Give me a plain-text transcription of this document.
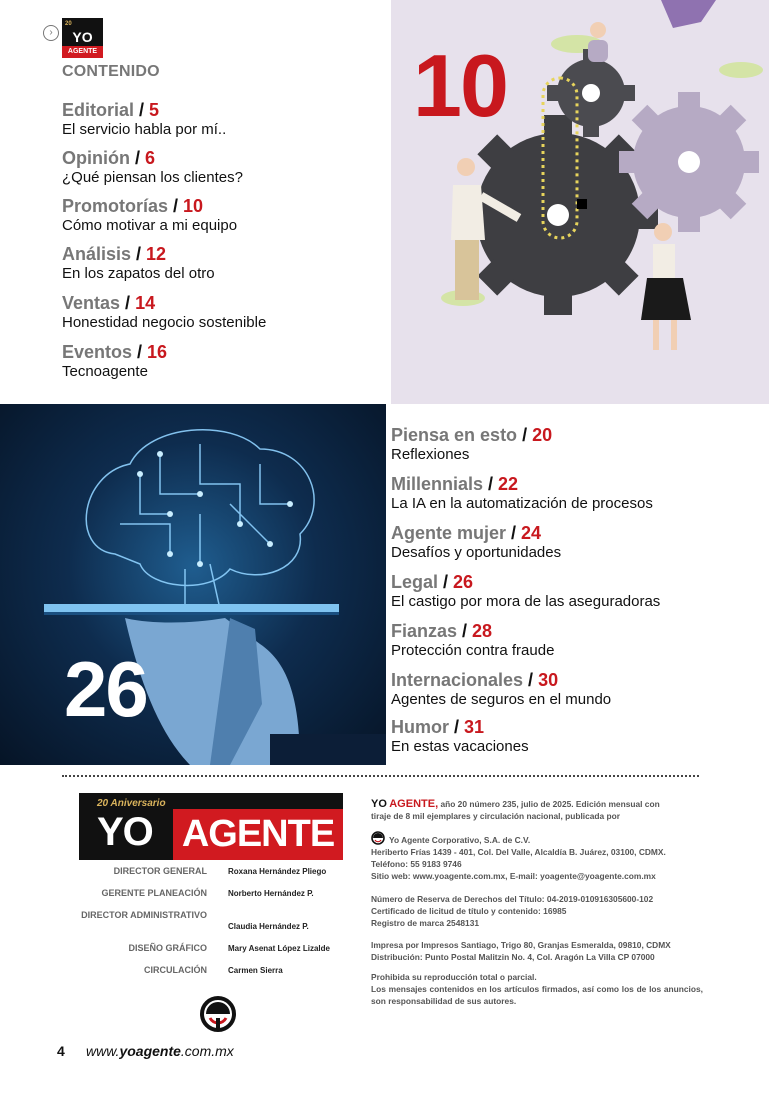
›
20
YO
AGENTE
CONTENIDO
Editorial / 5
El servicio habla por mí..
Opinión / 6
¿Qué piensan los clientes?
Promotorías / 10
Cómo motivar a mi equipo
Análisis / 12
En los zapatos del otro
Ventas / 14
Honestidad negocio sostenible
Eventos / 16
Tecnoagente
10
26
Piensa en esto / 20
Reflexiones
Millennials / 22
La IA en la automatización de procesos
Agente mujer / 24
Desafíos y oportunidades
Legal / 26
El castigo por mora de las aseguradoras
Fianzas / 28
Protección contra fraude
Internacionales / 30
Agentes de seguros en el mundo
Humor / 31
En estas vacaciones
20 Aniversario
YO AGENTE
DIRECTOR GENERAL	Roxana Hernández Pliego
GERENTE PLANEACIÓN	Norberto Hernández P.
DIRECTOR ADMINISTRATIVO
Claudia Hernández P.
DISEÑO GRÁFICO	Mary Asenat López Lizalde
CIRCULACIÓN	Carmen Sierra
YO AGENTE, año 20 número 235, julio de 2025. Edición mensual con
tiraje de 8 mil ejemplares y circulación nacional, publicada por
Yo Agente Corporativo, S.A. de C.V.
Heriberto Frías 1439 - 401, Col. Del Valle, Alcaldía B. Juárez, 03100, CDMX.
Teléfono: 55 9183 9746
Sitio web: www.yoagente.com.mx, E-mail: yoagente@yoagente.com.mx
Número de Reserva de Derechos del Título: 04-2019-010916305600-102
Certificado de licitud de título y contenido: 16985
Registro de marca 2548131
Impresa por Impresos Santiago, Trigo 80, Granjas Esmeralda, 09810, CDMX
Distribución: Punto Postal Malitzin No. 4, Col. Aragón La Villa CP 07000
Prohibida su reproducción total o parcial.
Los mensajes contenidos en los artículos firmados, así como los de los anuncios, son responsabilidad de sus autores.
4 www.yoagente.com.mx
